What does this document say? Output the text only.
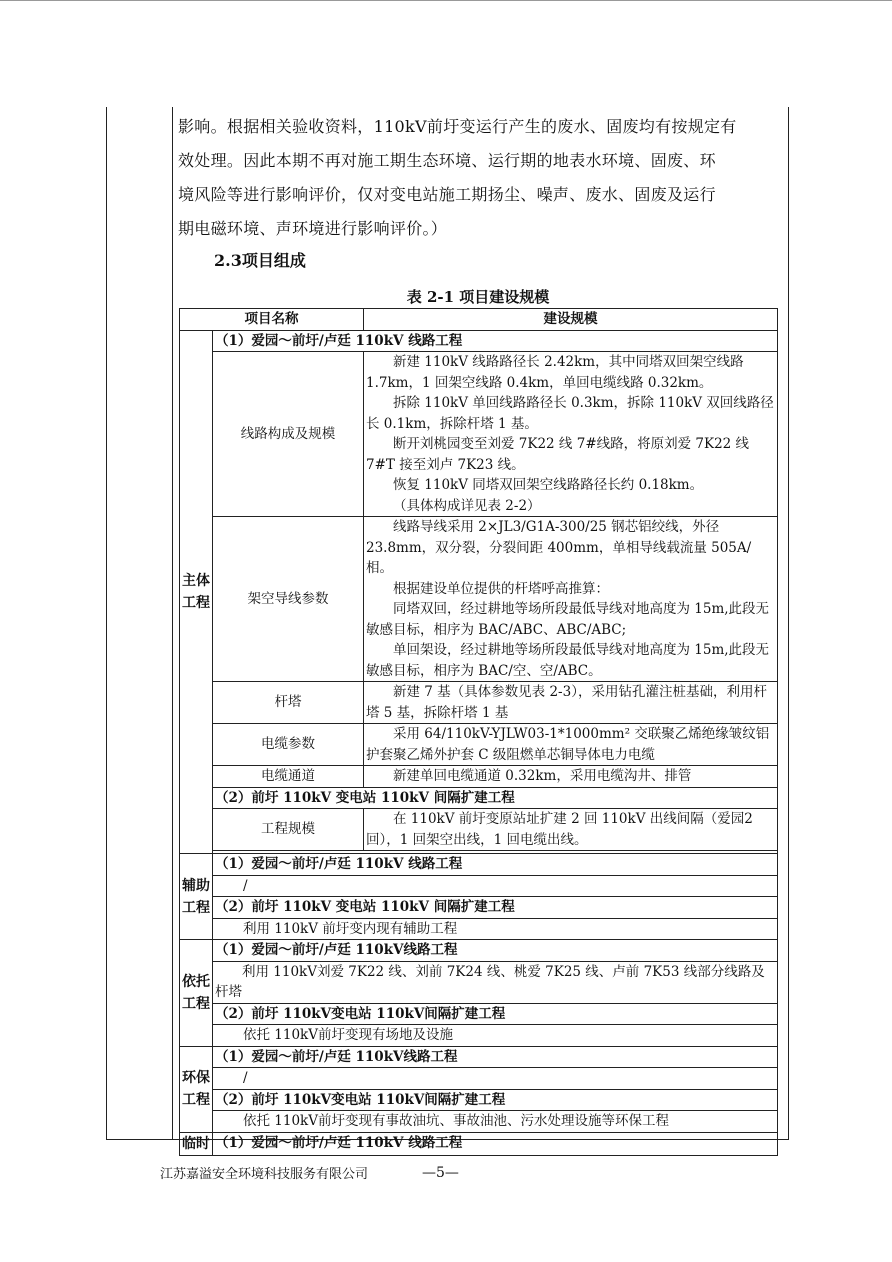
影响。根据相关验收资料，110kV前圩变运行产生的废水、固废均有按规定有

效处理。因此本期不再对施工期生态环境、运行期的地表水环境、固废、环

境风险等进行影响评价，仅对变电站施工期扬尘、噪声、废水、固废及运行

期电磁环境、声环境进行影响评价。）

2.3项目组成
表 2-1 项目建设规模
项目名称		建设规模
主体工程	（1）爱园～前圩/卢廷 110kV 线路工程	
	线路构成及规模	新建 110kV 线路路径长 2.42km，其中同塔双回架空线路1.7km，1 回架空线路 0.4km，单回电缆线路 0.32km。

拆除 110kV 单回线路路径长 0.3km，拆除 110kV 双回线路径长 0.1km，拆除杆塔 1 基。

断开刘桃园变至刘爱 7K22 线 7#线路，将原刘爱 7K22 线 7#T 接至刘卢 7K23 线。

恢复 110kV 同塔双回架空线路路径长约 0.18km。

（具体构成详见表 2-2）

	架空导线参数	线路导线采用 2×JL3/G1A-300/25 钢芯铝绞线，外径23.8mm，双分裂，分裂间距 400mm，单相导线载流量 505A/相。

根据建设单位提供的杆塔呼高推算：

同塔双回，经过耕地等场所段最低导线对地高度为 15m,此段无敏感目标，相序为 BAC/ABC、ABC/ABC;

单回架设，经过耕地等场所段最低导线对地高度为 15m,此段无敏感目标，相序为 BAC/空、空/ABC。

	杆塔	新建 7 基（具体参数见表 2-3），采用钻孔灌注桩基础，利用杆塔 5 基，拆除杆塔 1 基

	电缆参数	采用 64/110kV-YJLW03-1*1000mm² 交联聚乙烯绝缘皱纹铝护套聚乙烯外护套 C 级阻燃单芯铜导体电力电缆

	电缆通道	新建单回电缆通道 0.32km，采用电缆沟井、排管

	（2）前圩 110kV 变电站 110kV 间隔扩建工程	
	工程规模	在 110kV 前圩变原站址扩建 2 回 110kV 出线间隔（爱园2 回），1 回架空出线，1 回电缆出线。

辅助工程	（1）爱园～前圩/卢廷 110kV 线路工程	
	/	
	（2）前圩 110kV 变电站 110kV 间隔扩建工程	
	利用 110kV 前圩变内现有辅助工程	
依托工程	（1）爱园～前圩/卢廷 110kV线路工程	

	利用 110kV刘爱 7K22 线、刘前 7K24 线、桃爱 7K25 线、卢前 7K53 线部分线路及杆塔	

	（2）前圩 110kV变电站 110kV间隔扩建工程	
	依托 110kV前圩变现有场地及设施	
环保工程	（1）爱园～前圩/卢廷 110kV线路工程	
	/	
	（2）前圩 110kV变电站 110kV间隔扩建工程	
	依托 110kV前圩变现有事故油坑、事故油池、污水处理设施等环保工程	
临时	（1）爱园～前圩/卢廷 110kV 线路工程	
江苏嘉溢安全环境科技服务有限公司	—5—
